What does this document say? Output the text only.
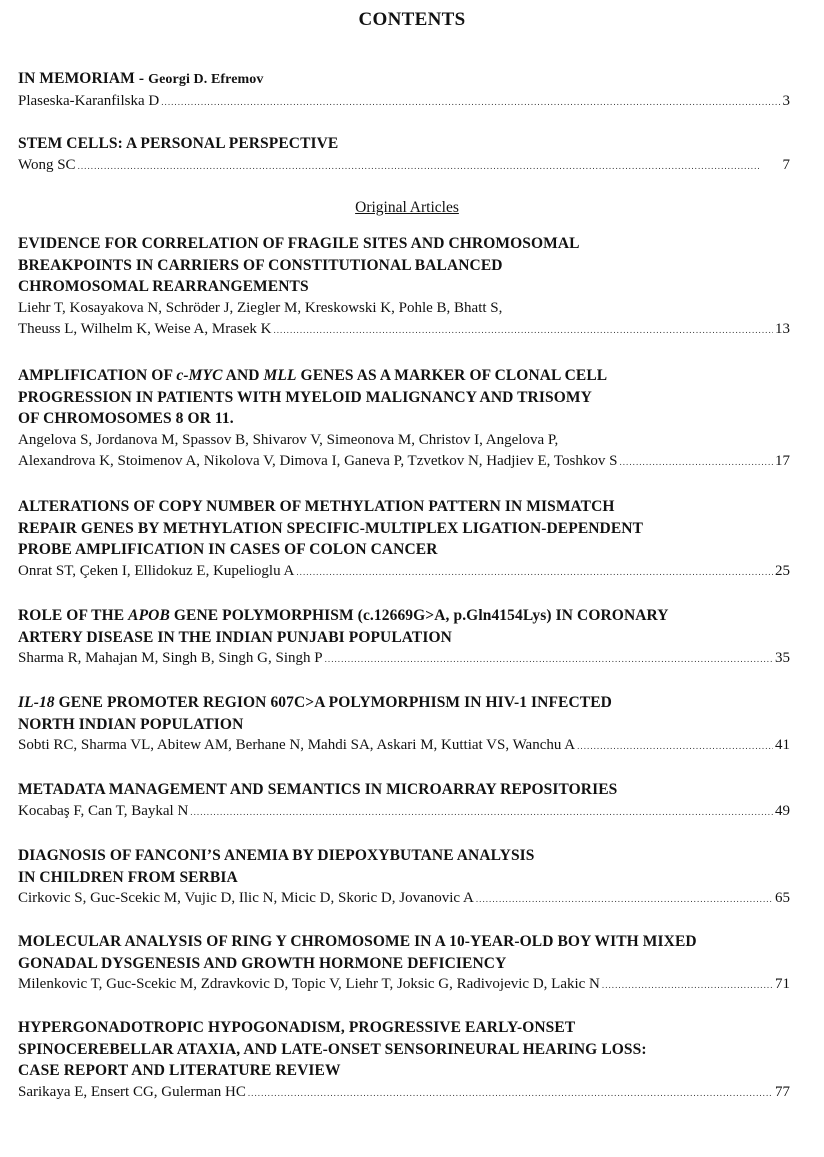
CONTENTS
IN MEMORIAM - Georgi D. Efremov
Plaseska-Karanfilska D . . .	3
STEM CELLS: A PERSONAL PERSPECTIVE
Wong SC . . .	7
Original Articles
EVIDENCE FOR CORRELATION OF FRAGILE SITES AND CHROMOSOMAL
BREAKPOINTS IN CARRIERS OF CONSTITUTIONAL BALANCED
CHROMOSOMAL REARRANGEMENTS
Liehr T, Kosayakova N, Schröder J, Ziegler M, Kreskowski K, Pohle B, Bhatt S,
Theuss L, Wilhelm K, Weise A, Mrasek K . . .	13
AMPLIFICATION OF c-MYC AND MLL GENES AS A MARKER OF CLONAL CELL
PROGRESSION IN PATIENTS WITH MYELOID MALIGNANCY AND TRISOMY
OF CHROMOSOMES 8 OR 11.
Angelova S, Jordanova M, Spassov B, Shivarov V, Simeonova M, Christov I, Angelova P,
Alexandrova K, Stoimenov A, Nikolova V, Dimova I, Ganeva P, Tzvetkov N, Hadjiev E, Toshkov S . . .	17
ALTERATIONS OF COPY NUMBER OF METHYLATION PATTERN IN MISMATCH
REPAIR GENES BY METHYLATION SPECIFIC-MULTIPLEX LIGATION-DEPENDENT
PROBE AMPLIFICATION IN CASES OF COLON CANCER
Onrat ST, Çeken I, Ellidokuz E, Kupelioglu A . . .	25
ROLE OF THE APOB GENE POLYMORPHISM (c.12669G>A, p.Gln4154Lys) IN CORONARY
ARTERY DISEASE IN THE INDIAN PUNJABI POPULATION
Sharma R, Mahajan M, Singh B, Singh G, Singh P . . .	35
IL-18 GENE PROMOTER REGION 607C>A POLYMORPHISM IN HIV-1 INFECTED
NORTH INDIAN POPULATION
Sobti RC, Sharma VL, Abitew AM, Berhane N, Mahdi SA, Askari M, Kuttiat VS, Wanchu A . . .	41
METADATA MANAGEMENT AND SEMANTICS IN MICROARRAY REPOSITORIES
Kocabaş F, Can T, Baykal N . . .	49
DIAGNOSIS OF FANCONI’S ANEMIA BY DIEPOXYBUTANE ANALYSIS
IN CHILDREN FROM SERBIA
Cirkovic S, Guc-Scekic M, Vujic D, Ilic N, Micic D, Skoric D, Jovanovic A . . .	65
MOLECULAR ANALYSIS OF RING Y CHROMOSOME IN A 10-YEAR-OLD BOY WITH MIXED
GONADAL DYSGENESIS AND GROWTH HORMONE DEFICIENCY
Milenkovic T, Guc-Scekic M, Zdravkovic D, Topic V, Liehr T, Joksic G, Radivojevic D, Lakic N . . .	71
HYPERGONADOTROPIC HYPOGONADISM, PROGRESSIVE EARLY-ONSET
SPINOCEREBELLAR ATAXIA, AND LATE-ONSET SENSORINEURAL HEARING LOSS:
CASE REPORT AND LITERATURE REVIEW
Sarikaya E, Ensert CG, Gulerman HC . . .	77
